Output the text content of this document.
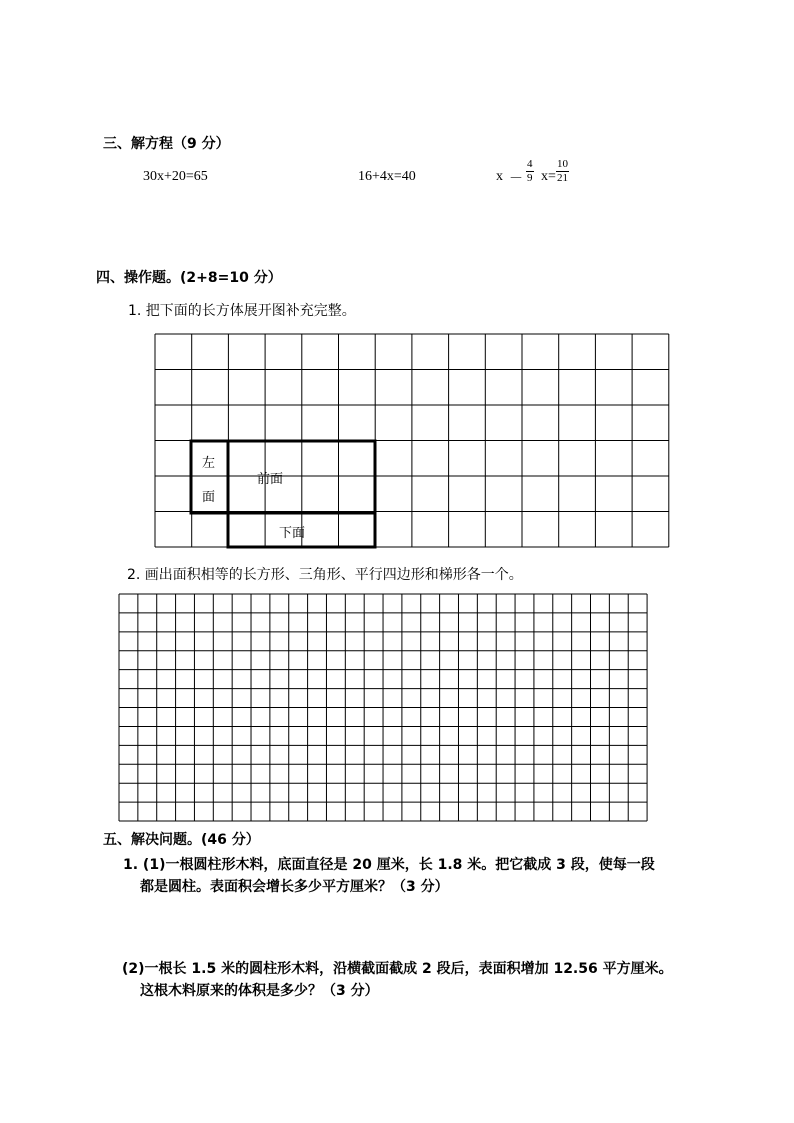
三、解方程（9 分）
30x+20=65	16+4x=40	$x - \frac{4}{9} x= \frac{10}{21}$
四、操作题。(2+8=10 分）
1. 把下面的长方体展开图补充完整。
左
面
前面
下面
2. 画出面积相等的长方形、三角形、平行四边形和梯形各一个。
五、解决问题。(46 分）
1. (1)一根圆柱形木料，底面直径是 20 厘米，长 1.8 米。把它截成 3 段，使每一段
都是圆柱。表面积会增长多少平方厘米？（3 分）
(2)一根长 1.5 米的圆柱形木料，沿横截面截成 2 段后，表面积增加 12.56 平方厘米。
这根木料原来的体积是多少？（3 分）
